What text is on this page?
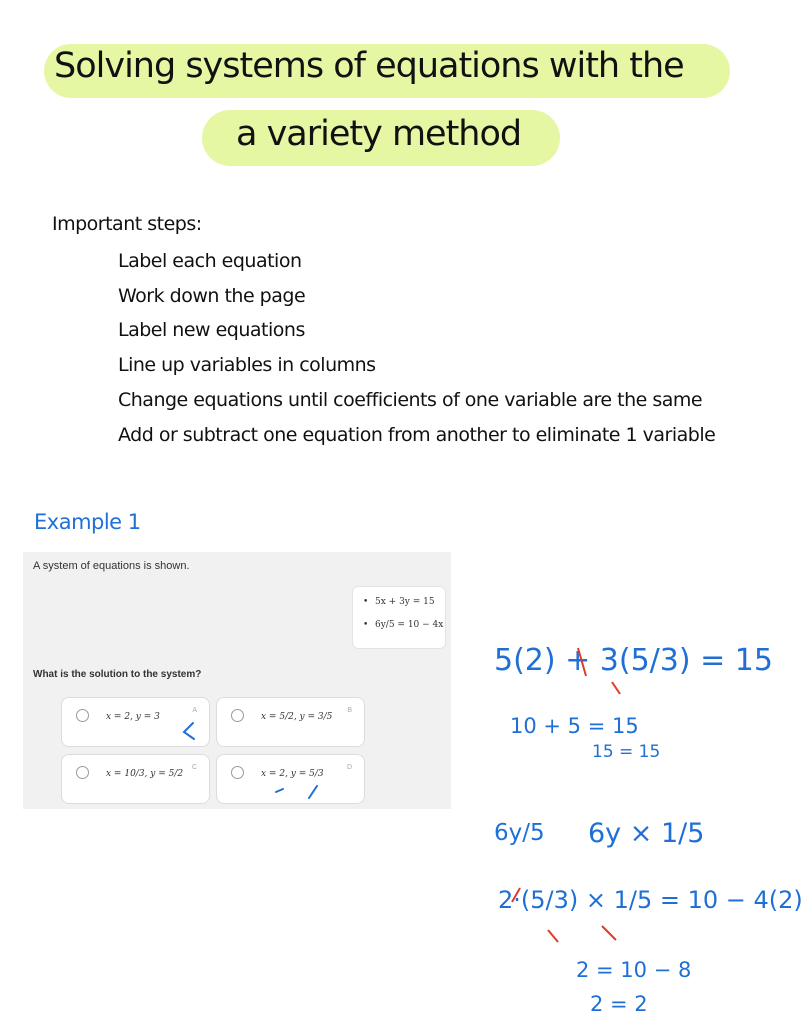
Solving systems of equations with the
a variety method
Important steps:
Label each equation
Work down the page
Label new equations
Line up variables in columns
Change equations until coefficients of one variable are the same
Add or subtract one equation from another to eliminate 1 variable
Example 1
A system of equations is shown.
• 5x + 3y = 15
• 6y/5 = 10 − 4x
What is the solution to the system?
x = 2, y = 3
A
x = 5/2, y = 3/5
B
x = 10/3, y = 5/2
C
x = 2, y = 5/3
D
5(2) + 3(5/3) = 15
10 + 5 = 15
15 = 15
6y/5 6y × 1/5
2·(5/3) × 1/5 = 10 − 4(2)
2 = 10 − 8
2 = 2
